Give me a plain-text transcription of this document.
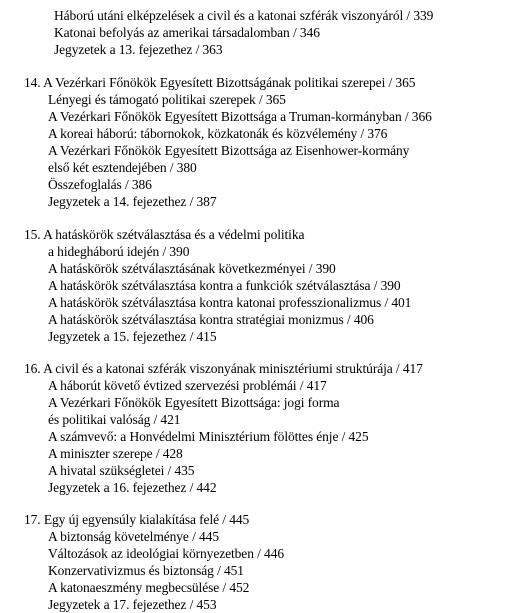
Háború utáni elképzelések a civil és a katonai szférák viszonyáról / 339
Katonai befolyás az amerikai társadalomban / 346
Jegyzetek a 13. fejezethez / 363
14. A Vezérkari Főnökök Egyesített Bizottságának politikai szerepei / 365
Lényegi és támogató politikai szerepek / 365
A Vezérkari Főnökök Egyesített Bizottsága a Truman-kormányban / 366
A koreai háború: tábornokok, közkatonák és közvélemény / 376
A Vezérkari Főnökök Egyesített Bizottsága az Eisenhower-kormány
első két esztendejében / 380
Összefoglalás / 386
Jegyzetek a 14. fejezethez / 387
15. A hatáskörök szétválasztása és a védelmi politika
a hidegháború idején / 390
A hatáskörök szétválasztásának következményei / 390
A hatáskörök szétválasztása kontra a funkciók szétválasztása / 390
A hatáskörök szétválasztása kontra katonai professzionalizmus / 401
A hatáskörök szétválasztása kontra stratégiai monizmus / 406
Jegyzetek a 15. fejezethez / 415
16. A civil és a katonai szférák viszonyának minisztériumi struktúrája / 417
A háborút követő évtized szervezési problémái / 417
A Vezérkari Főnökök Egyesített Bizottsága: jogi forma
és politikai valóság / 421
A számvevő: a Honvédelmi Minisztérium fölöttes énje / 425
A miniszter szerepe / 428
A hivatal szükségletei / 435
Jegyzetek a 16. fejezethez / 442
17. Egy új egyensúly kialakítása felé / 445
A biztonság követelménye / 445
Változások az ideológiai környezetben / 446
Konzervativizmus és biztonság / 451
A katonaeszmény megbecsülése / 452
Jegyzetek a 17. fejezethez / 453
